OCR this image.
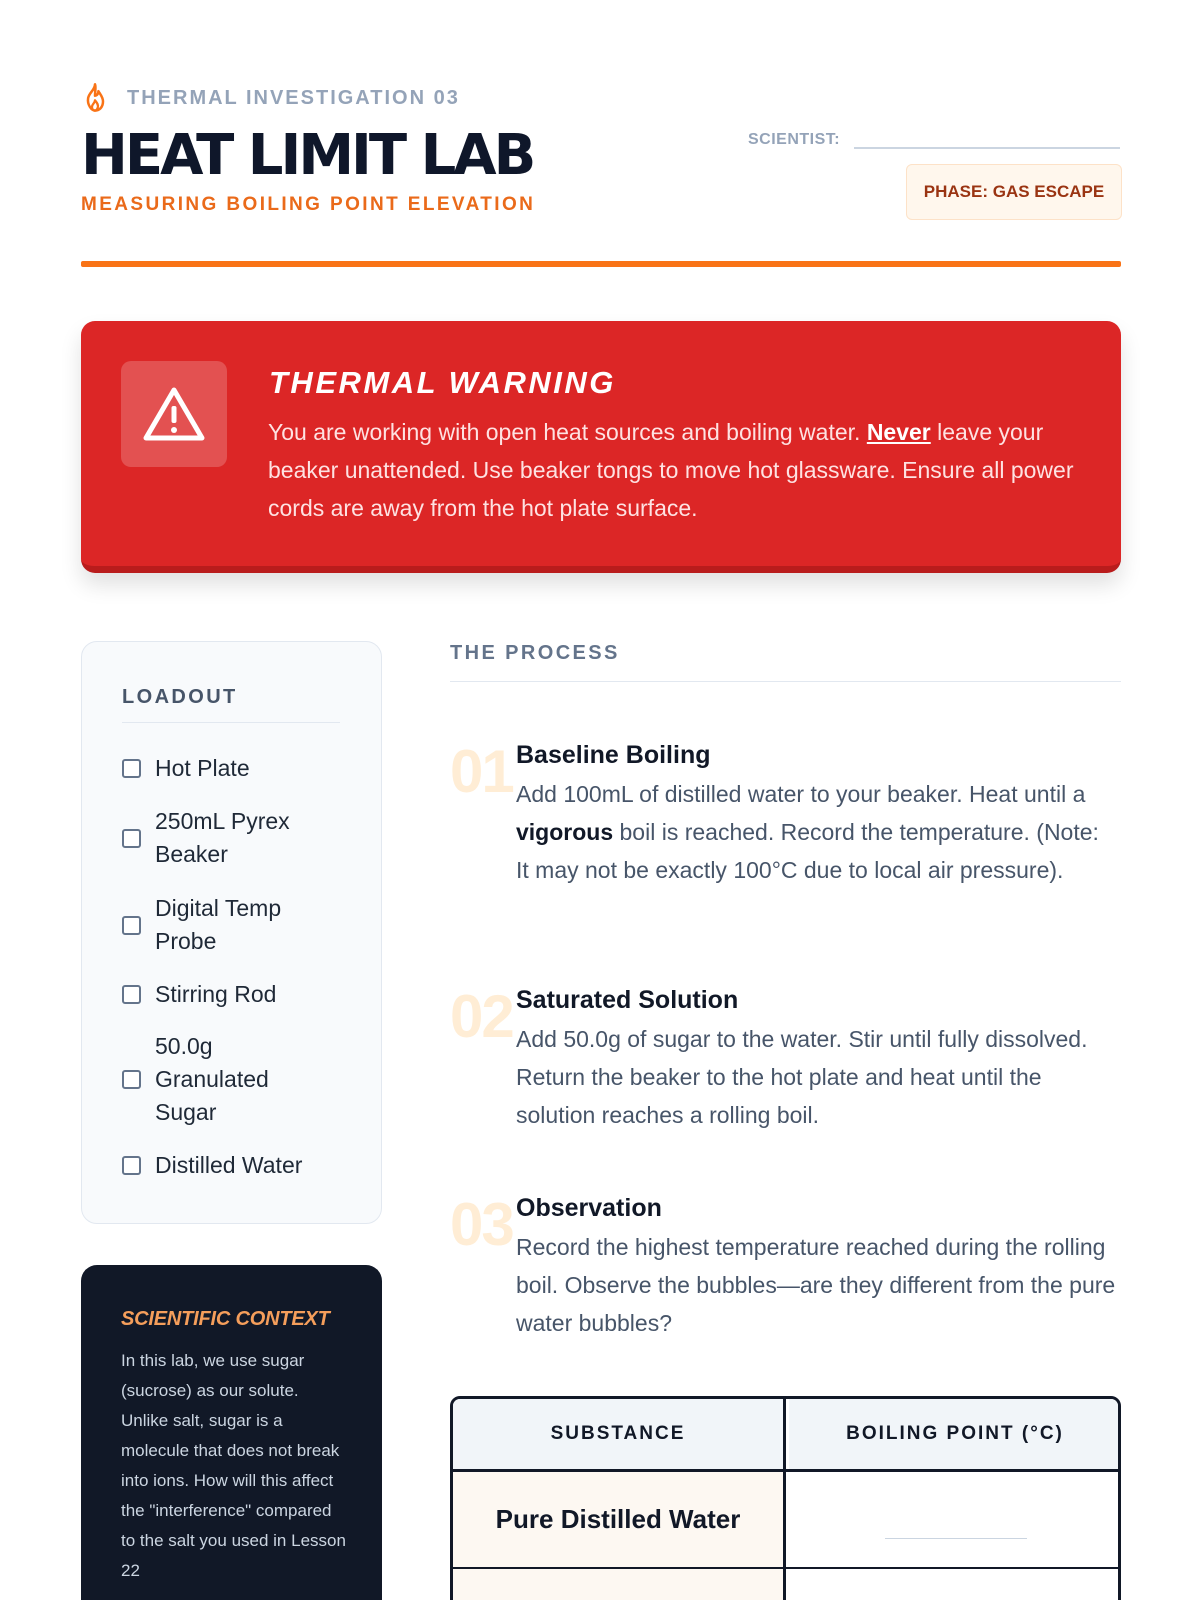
THERMAL INVESTIGATION 03
HEAT LIMIT LAB
MEASURING BOILING POINT ELEVATION
SCIENTIST:
PHASE: GAS ESCAPE
THERMAL WARNING
You are working with open heat sources and boiling water. Never leave your beaker unattended. Use beaker tongs to move hot glassware. Ensure all power cords are away from the hot plate surface.
LOADOUT
Hot Plate
250mL Pyrex Beaker
Digital Temp Probe
Stirring Rod
50.0g Granulated Sugar
Distilled Water
SCIENTIFIC CONTEXT
In this lab, we use sugar (sucrose) as our solute. Unlike salt, sugar is a molecule that does not break into ions. How will this affect the "interference" compared to the salt you used in Lesson 22
THE PROCESS
01 Baseline Boiling
Add 100mL of distilled water to your beaker. Heat until a vigorous boil is reached. Record the temperature. (Note: It may not be exactly 100°C due to local air pressure).
02 Saturated Solution
Add 50.0g of sugar to the water. Stir until fully dissolved. Return the beaker to the hot plate and heat until the solution reaches a rolling boil.
03 Observation
Record the highest temperature reached during the rolling boil. Observe the bubbles—are they different from the pure water bubbles?
SUBSTANCE	BOILING POINT (°C)
Pure Distilled Water
